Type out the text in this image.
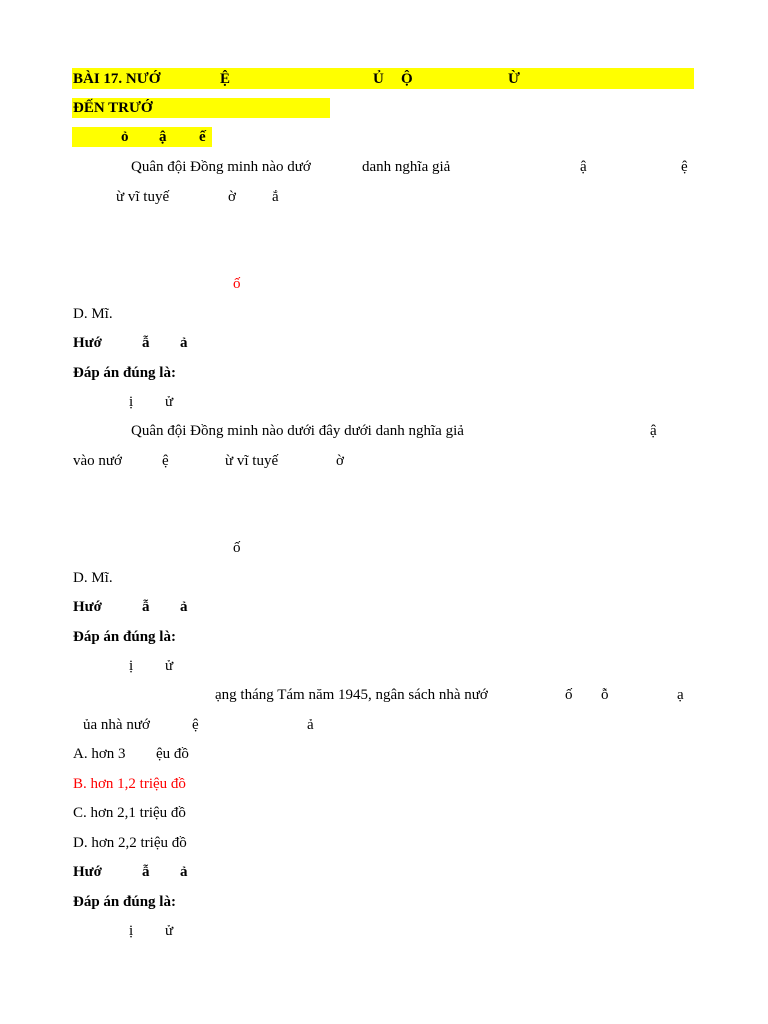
BÀI 17. NƯỚ	Ệ	Ủ Ộ	Ừ
ĐẾN TRƯỚ
ỏ ậ ế
Quân đội Đồng minh nào dướ	danh nghĩa giả	ậ	ệ
ừ vĩ tuyế	ờ ắ
ố
D. Mĩ.
Hướ	ẫ ả
Đáp án đúng là:
ị ử
Quân đội Đồng minh nào dưới đây dưới danh nghĩa giả	ậ
vào nướ	ệ	ừ vĩ tuyế	ờ
ố
D. Mĩ.
Hướ	ẫ ả
Đáp án đúng là:
ị ử
ạng tháng Tám năm 1945, ngân sách nhà nướ	ố ỗ	ạ
ủa nhà nướ	ệ	ả
A. hơn 3 ệu đồ
B. hơn 1,2 triệu đồ
C. hơn 2,1 triệu đồ
D. hơn 2,2 triệu đồ
Hướ	ẫ ả
Đáp án đúng là:
ị ử
